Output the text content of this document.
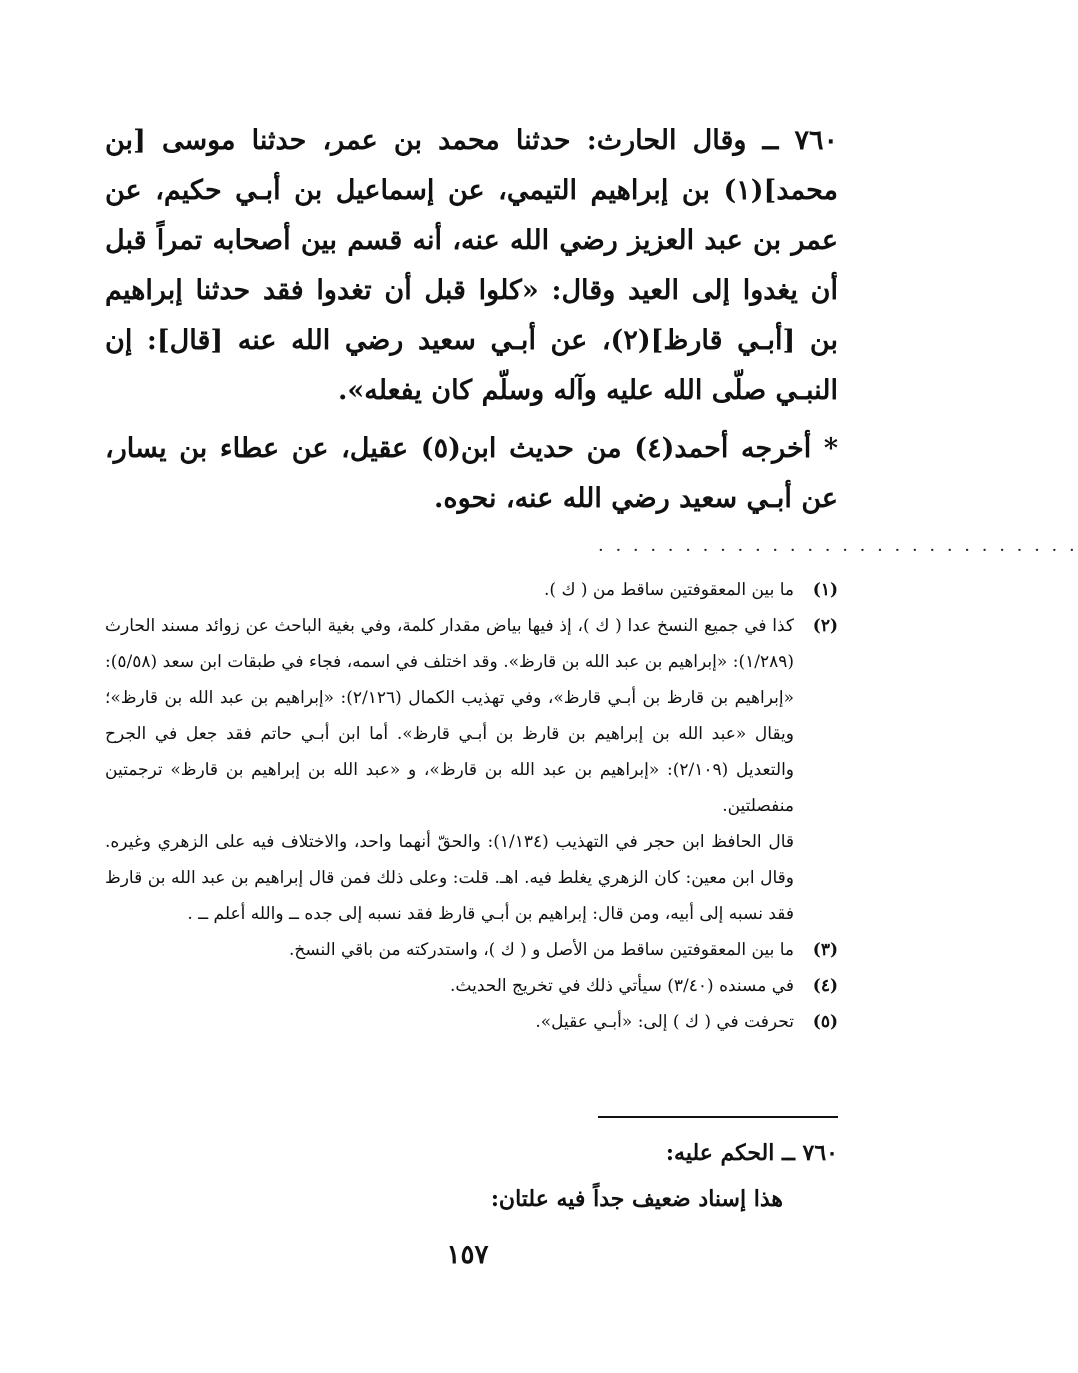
٧٦٠ ــ وقال الحارث: حدثنا محمد بن عمر، حدثنا موسى [بن محمد](١) بن إبراهيم التيمي، عن إسماعيل بن أبـي حكيم، عن عمر بن عبد العزيز رضي الله عنه، أنه قسم بين أصحابه تمراً قبل أن يغدوا إلى العيد وقال: «كلوا قبل أن تغدوا فقد حدثنا إبراهيم بن [أبـي قارظ](٢)، عن أبـي سعيد رضي الله عنه [قال]: إن النبـي صلّى الله عليه وآله وسلّم كان يفعله».

* أخرجه أحمد(٤) من حديث ابن(٥) عقيل، عن عطاء بن يسار، عن أبـي سعيد رضي الله عنه، نحوه.

· · · · · · · · · · · · · · · · · · · · · · · · · · · ·
(١)

ما بين المعقوفتين ساقط من ( ك ).

(٢)

كذا في جميع النسخ عدا ( ك )، إذ فيها بياض مقدار كلمة، وفي بغية الباحث عن زوائد مسند الحارث (١/٢٨٩): «إبراهيم بن عبد الله بن قارظ». وقد اختلف في اسمه، فجاء في طبقات ابن سعد (٥/٥٨): «إبراهيم بن قارظ بن أبـي قارظ»، وفي تهذيب الكمال (٢/١٢٦): «إبراهيم بن عبد الله بن قارظ»؛ ويقال «عبد الله بن إبراهيم بن قارظ بن أبـي قارظ». أما ابن أبـي حاتم فقد جعل في الجرح والتعديل (٢/١٠٩): «إبراهيم بن عبد الله بن قارظ»، و «عبد الله بن إبراهيم بن قارظ» ترجمتين منفصلتين.

قال الحافظ ابن حجر في التهذيب (١/١٣٤): والحقّ أنهما واحد، والاختلاف فيه على الزهري وغيره. وقال ابن معين: كان الزهري يغلط فيه. اهـ. قلت: وعلى ذلك فمن قال إبراهيم بن عبد الله بن قارظ فقد نسبه إلى أبيه، ومن قال: إبراهيم بن أبـي قارظ فقد نسبه إلى جده ــ والله أعلم ــ .

(٣)

ما بين المعقوفتين ساقط من الأصل و ( ك )، واستدركته من باقي النسخ.

(٤)

في مسنده (٣/٤٠) سيأتي ذلك في تخريج الحديث.

(٥)

تحرفت في ( ك ) إلى: «أبـي عقيل».

٧٦٠ ــ الحكم عليه:

هذا إسناد ضعيف جداً فيه علتان:

١٥٧
